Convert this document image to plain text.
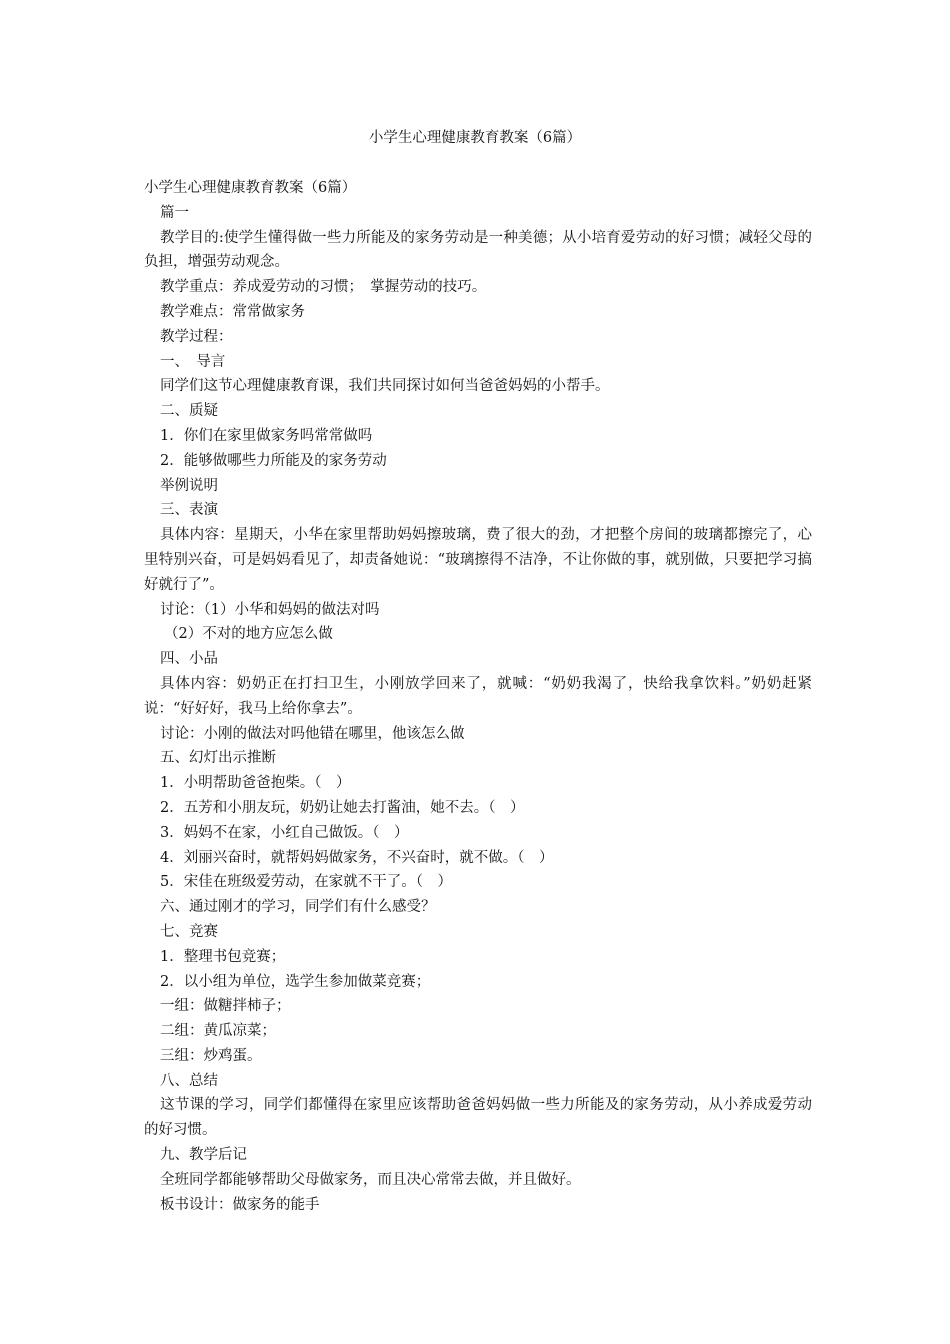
小学生心理健康教育教案（6篇）

小学生心理健康教育教案（6篇）

篇一

教学目的:使学生懂得做一些力所能及的家务劳动是一种美德；从小培育爱劳动的好习惯；减轻父母的负担，增强劳动观念。

教学重点：养成爱劳动的习惯；　掌握劳动的技巧。

教学难点：常常做家务

教学过程：

一、　导言

同学们这节心理健康教育课，我们共同探讨如何当爸爸妈妈的小帮手。

二、质疑

1．你们在家里做家务吗常常做吗

2．能够做哪些力所能及的家务劳动

举例说明

三、表演

具体内容：星期天，小华在家里帮助妈妈擦玻璃，费了很大的劲，才把整个房间的玻璃都擦完了，心里特别兴奋，可是妈妈看见了，却责备她说：“玻璃擦得不洁净，不让你做的事，就别做，只要把学习搞好就行了”。

讨论：（1）小华和妈妈的做法对吗

（2）不对的地方应怎么做

四、小品

具体内容：奶奶正在打扫卫生，小刚放学回来了，就喊：“奶奶我渴了，快给我拿饮料。”奶奶赶紧说：“好好好，我马上给你拿去”。

讨论：小刚的做法对吗他错在哪里，他该怎么做

五、幻灯出示推断

1．小明帮助爸爸抱柴。（　）

2．五芳和小朋友玩，奶奶让她去打酱油，她不去。（　）

3．妈妈不在家，小红自己做饭。（　）

4．刘丽兴奋时，就帮妈妈做家务，不兴奋时，就不做。（　）

5．宋佳在班级爱劳动，在家就不干了。（　）

六、通过刚才的学习，同学们有什么感受？

七、竞赛

1．整理书包竞赛；

2．以小组为单位，选学生参加做菜竞赛；

一组：做糖拌柿子；

二组：黄瓜凉菜；

三组：炒鸡蛋。

八、总结

这节课的学习，同学们都懂得在家里应该帮助爸爸妈妈做一些力所能及的家务劳动，从小养成爱劳动的好习惯。

九、教学后记

全班同学都能够帮助父母做家务，而且决心常常去做，并且做好。

板书设计：做家务的能手
